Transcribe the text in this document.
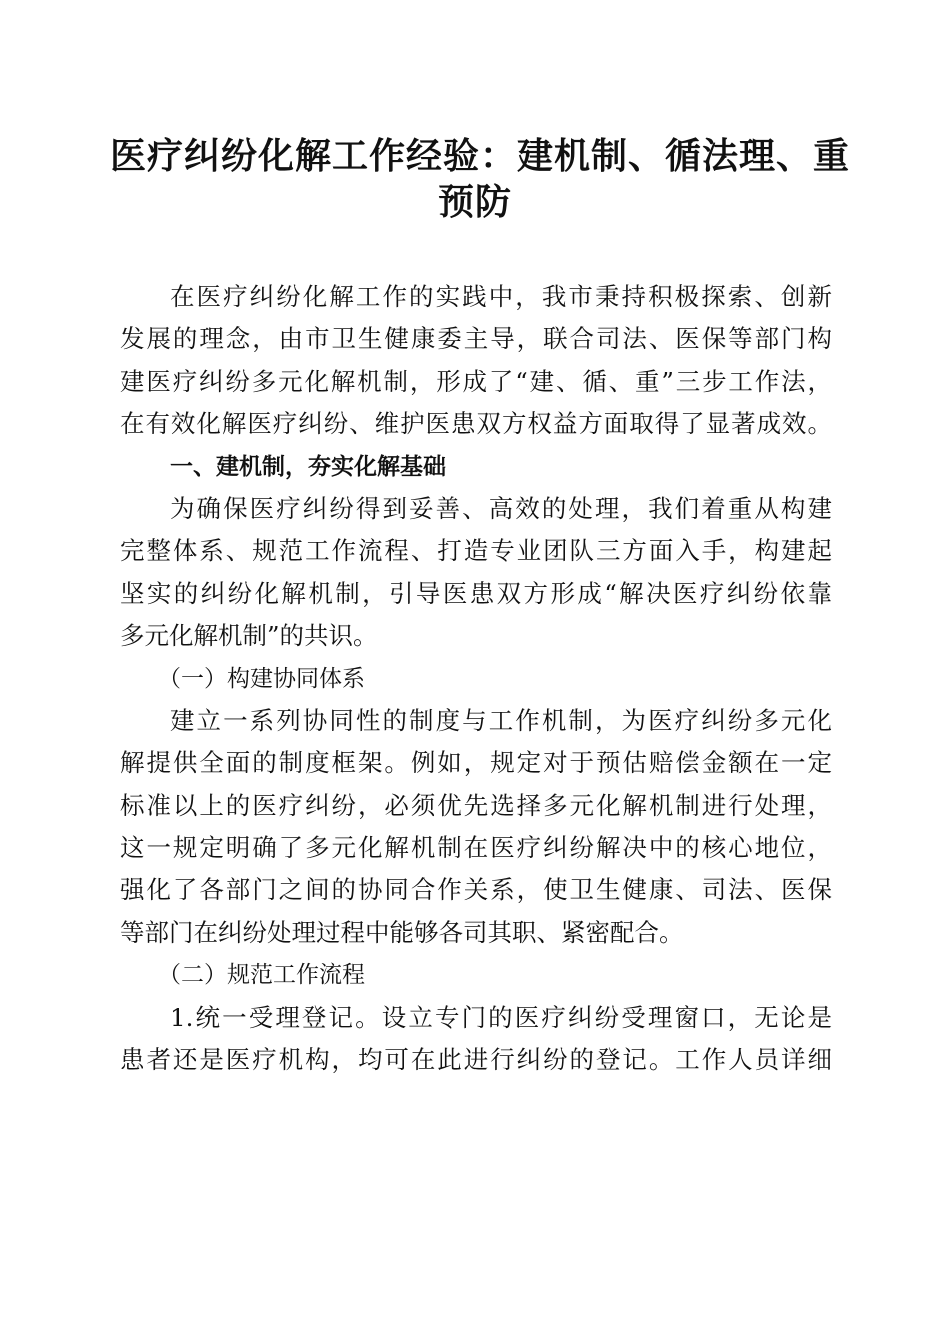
医疗纠纷化解工作经验：建机制、循法理、重
预防
在医疗纠纷化解工作的实践中，我市秉持积极探索、创新
发展的理念，由市卫生健康委主导，联合司法、医保等部门构
建医疗纠纷多元化解机制，形成了“建、循、重”三步工作法，
在有效化解医疗纠纷、维护医患双方权益方面取得了显著成效。
一、建机制，夯实化解基础
为确保医疗纠纷得到妥善、高效的处理，我们着重从构建
完整体系、规范工作流程、打造专业团队三方面入手，构建起
坚实的纠纷化解机制，引导医患双方形成“解决医疗纠纷依靠
多元化解机制”的共识。
（一）构建协同体系
建立一系列协同性的制度与工作机制，为医疗纠纷多元化
解提供全面的制度框架。例如，规定对于预估赔偿金额在一定
标准以上的医疗纠纷，必须优先选择多元化解机制进行处理，
这一规定明确了多元化解机制在医疗纠纷解决中的核心地位，
强化了各部门之间的协同合作关系，使卫生健康、司法、医保
等部门在纠纷处理过程中能够各司其职、紧密配合。
（二）规范工作流程
1.统一受理登记。设立专门的医疗纠纷受理窗口，无论是
患者还是医疗机构，均可在此进行纠纷的登记。工作人员详细
